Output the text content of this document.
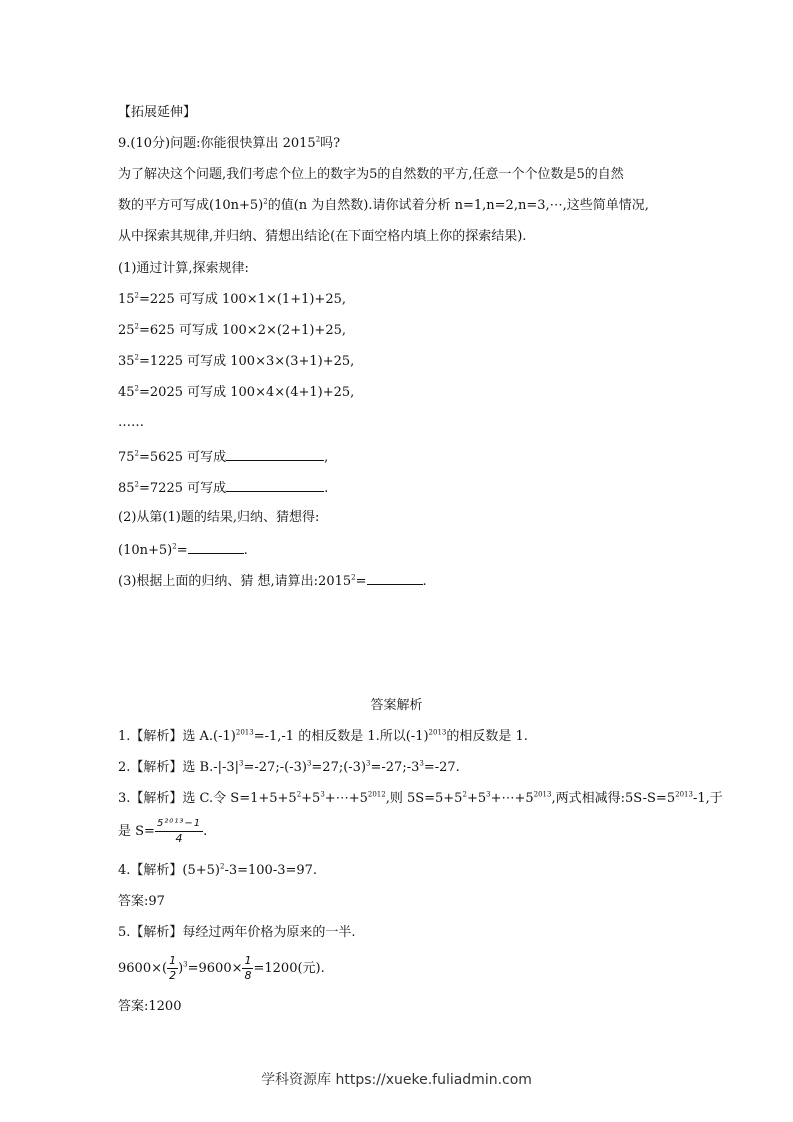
【拓展延伸】
9.(10分)问题:你能很快算出 2015$^2$吗?
为了解决这个问题,我们考虑个位上的数字为5的自然数的平方,任意一个个位数是5的自然
数的平方可写成$(10n+5)^2$的值(n 为自然数).请你试着分析 n=1,n=2,n=3,⋯,这些简单情况,
从中探索其规律,并归纳、猜想出结论(在下面空格内填上你的探索结果).
(1)通过计算,探索规律:
$15^2=225$ 可写成 100×1×(1+1)+25,
$25^2=625$ 可写成 100×2×(2+1)+25,
$35^2=1225$ 可写成 100×3×(3+1)+25,
$45^2=2025$ 可写成 100×4×(4+1)+25,
……
$75^2=5625$ 可写成	,
$85^2=7225$ 可写成	.
(2)从第(1)题的结果,归纳、猜想得:
$(10n+5)^2=$	.
(3)根据上面的归纳、猜 想,请算出$:2015^2=$	.
答案解析
1.【解析】选 $A.(-1)^{2013}=-1,-1$ 的相反数是 1.所以$(-1)^{2013}$的相反数是 1.
2.【解析】选 $B.-|-3|^3=-27;-(-3)^3=27;(-3)^3=-27;-3^3=-27$.
3.【解析】选 C.令 $S=1+5+5^2+5^3+\cdots+5^{2012}$,则 $5S=5+5^2+5^3+\cdots+5^{2013}$,两式相减得$:5S-S=5^{2013}-1$,于
是 $S= \frac{\text{5²⁰¹³−1}}{4}$ .
4.【解析】$(5+5)^2-3=100-3=97$.
答案:97
5.【解析】每经过两年价格为原来的一半.
$9600\times( \frac{1}{2} )^3=9600\times \frac{1}{8} =1200$(元).
答案:1200
学科资源库 https://xueke.fuliadmin.com
